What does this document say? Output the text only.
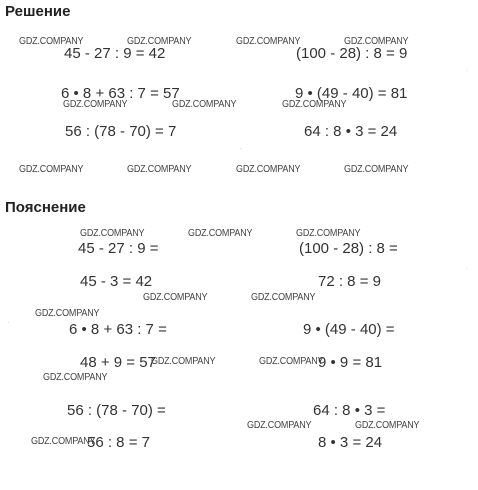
Решение
45 - 27 : 9 = 42	(100 - 28) : 8 = 9
6 • 8 + 63 : 7 = 57	9 • (49 - 40) = 81
56 : (78 - 70) = 7	64 : 8 • 3 = 24
Пояснение
45 - 27 : 9 =	(100 - 28) : 8 =
45 - 3 = 42	72 : 8 = 9
6 • 8 + 63 : 7 =	9 • (49 - 40) =
48 + 9 = 57	9 • 9 = 81
56 : (78 - 70) =	64 : 8 • 3 =
56 : 8 = 7	8 • 3 = 24
GDZ.COMPANY	GDZ.COMPANY	GDZ.COMPANY	GDZ.COMPANY
GDZ.COMPANY	GDZ.COMPANY	GDZ.COMPANY
GDZ.COMPANY	GDZ.COMPANY	GDZ.COMPANY	GDZ.COMPANY
GDZ.COMPANY	GDZ.COMPANY	GDZ.COMPANY
GDZ.COMPANY	GDZ.COMPANY
GDZ.COMPANY
GDZ.COMPANY	GDZ.COMPANY
GDZ.COMPANY
GDZ.COMPANY	GDZ.COMPANY
GDZ.COMPANY
